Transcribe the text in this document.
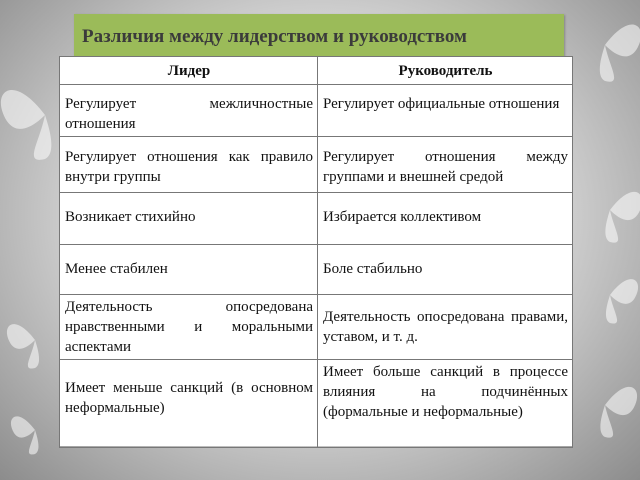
Различия между лидерством и руководством
Лидер	Руководитель
Регулирует межличностные отношения	Регулирует официальные отношения
Регулирует отношения как правило внутри группы	Регулирует отношения между группами и внешней средой
Возникает стихийно	Избирается коллективом
Менее стабилен	Боле стабильно
Деятельность опосредована нравственными и моральными аспектами	Деятельность опосредована правами, уставом, и т. д.
Имеет меньше санкций (в основном неформальные)	Имеет больше санкций в процессе влияния на подчинённых (формальные и неформальные)
